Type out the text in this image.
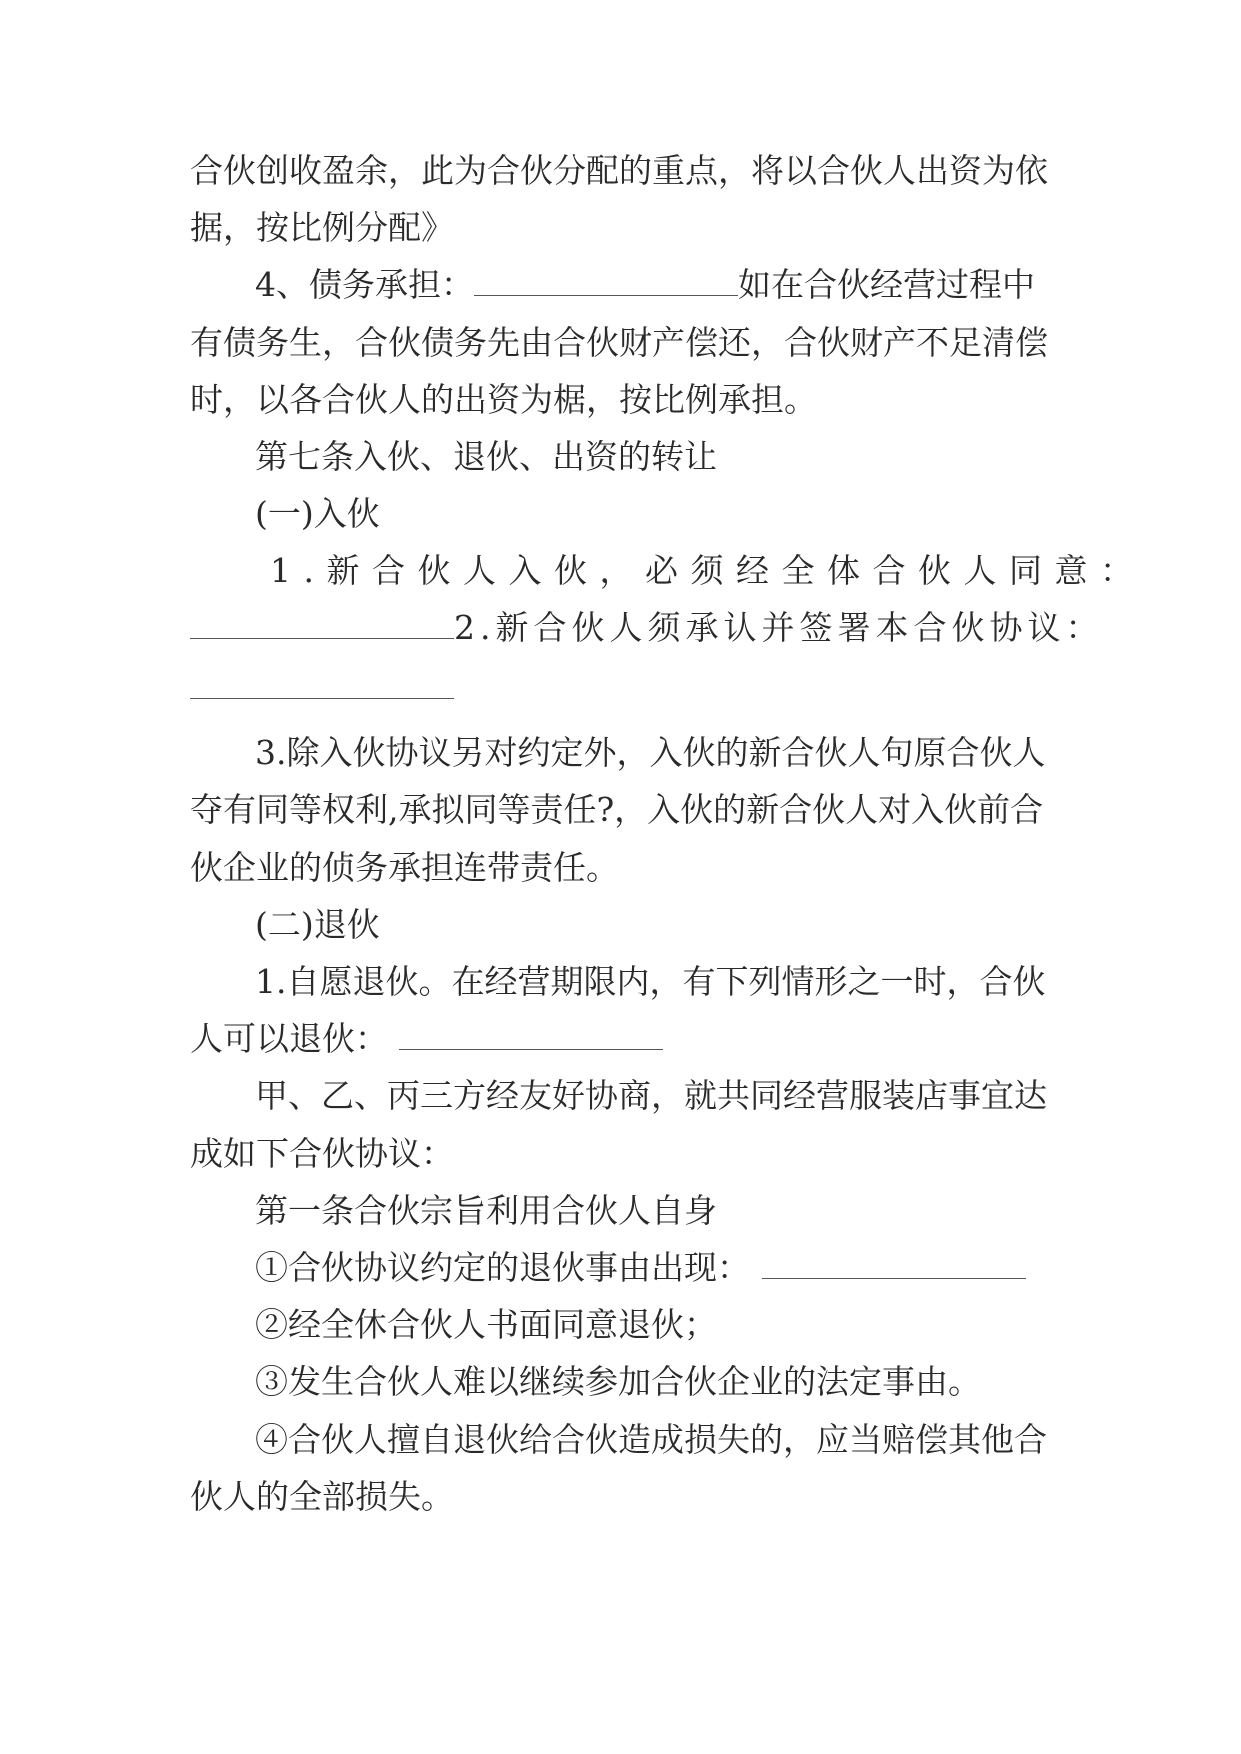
合伙创收盈余，此为合伙分配的重点，将以合伙人出资为依
据，按比例分配》
4、债务承担：	如在合伙经营过程中
有债务生，合伙债务先由合伙财产偿还，合伙财产不足清偿
时，以各合伙人的出资为椐，按比例承担。
第七条入伙、退伙、出资的转让
(一)入伙
1.新合伙人入伙，必须经全体合伙人同意：
2.新合伙人须承认并签署本合伙协议：
3.除入伙协议另对约定外，入伙的新合伙人句原合伙人
夺有同等权利,承拟同等责任?，入伙的新合伙人对入伙前合
伙企业的侦务承担连带责任。
(二)退伙
1.自愿退伙。在经营期限内，有下列情形之一时，合伙
人可以退伙：
甲、乙、丙三方经友好协商，就共同经营服装店事宜达
成如下合伙协议：
第一条合伙宗旨利用合伙人自身
①合伙协议约定的退伙事由出现：
②经全休合伙人书面同意退伙；
③发生合伙人难以继续参加合伙企业的法定事由。
④合伙人擅自退伙给合伙造成损失的，应当赔偿其他合
伙人的全部损失。
